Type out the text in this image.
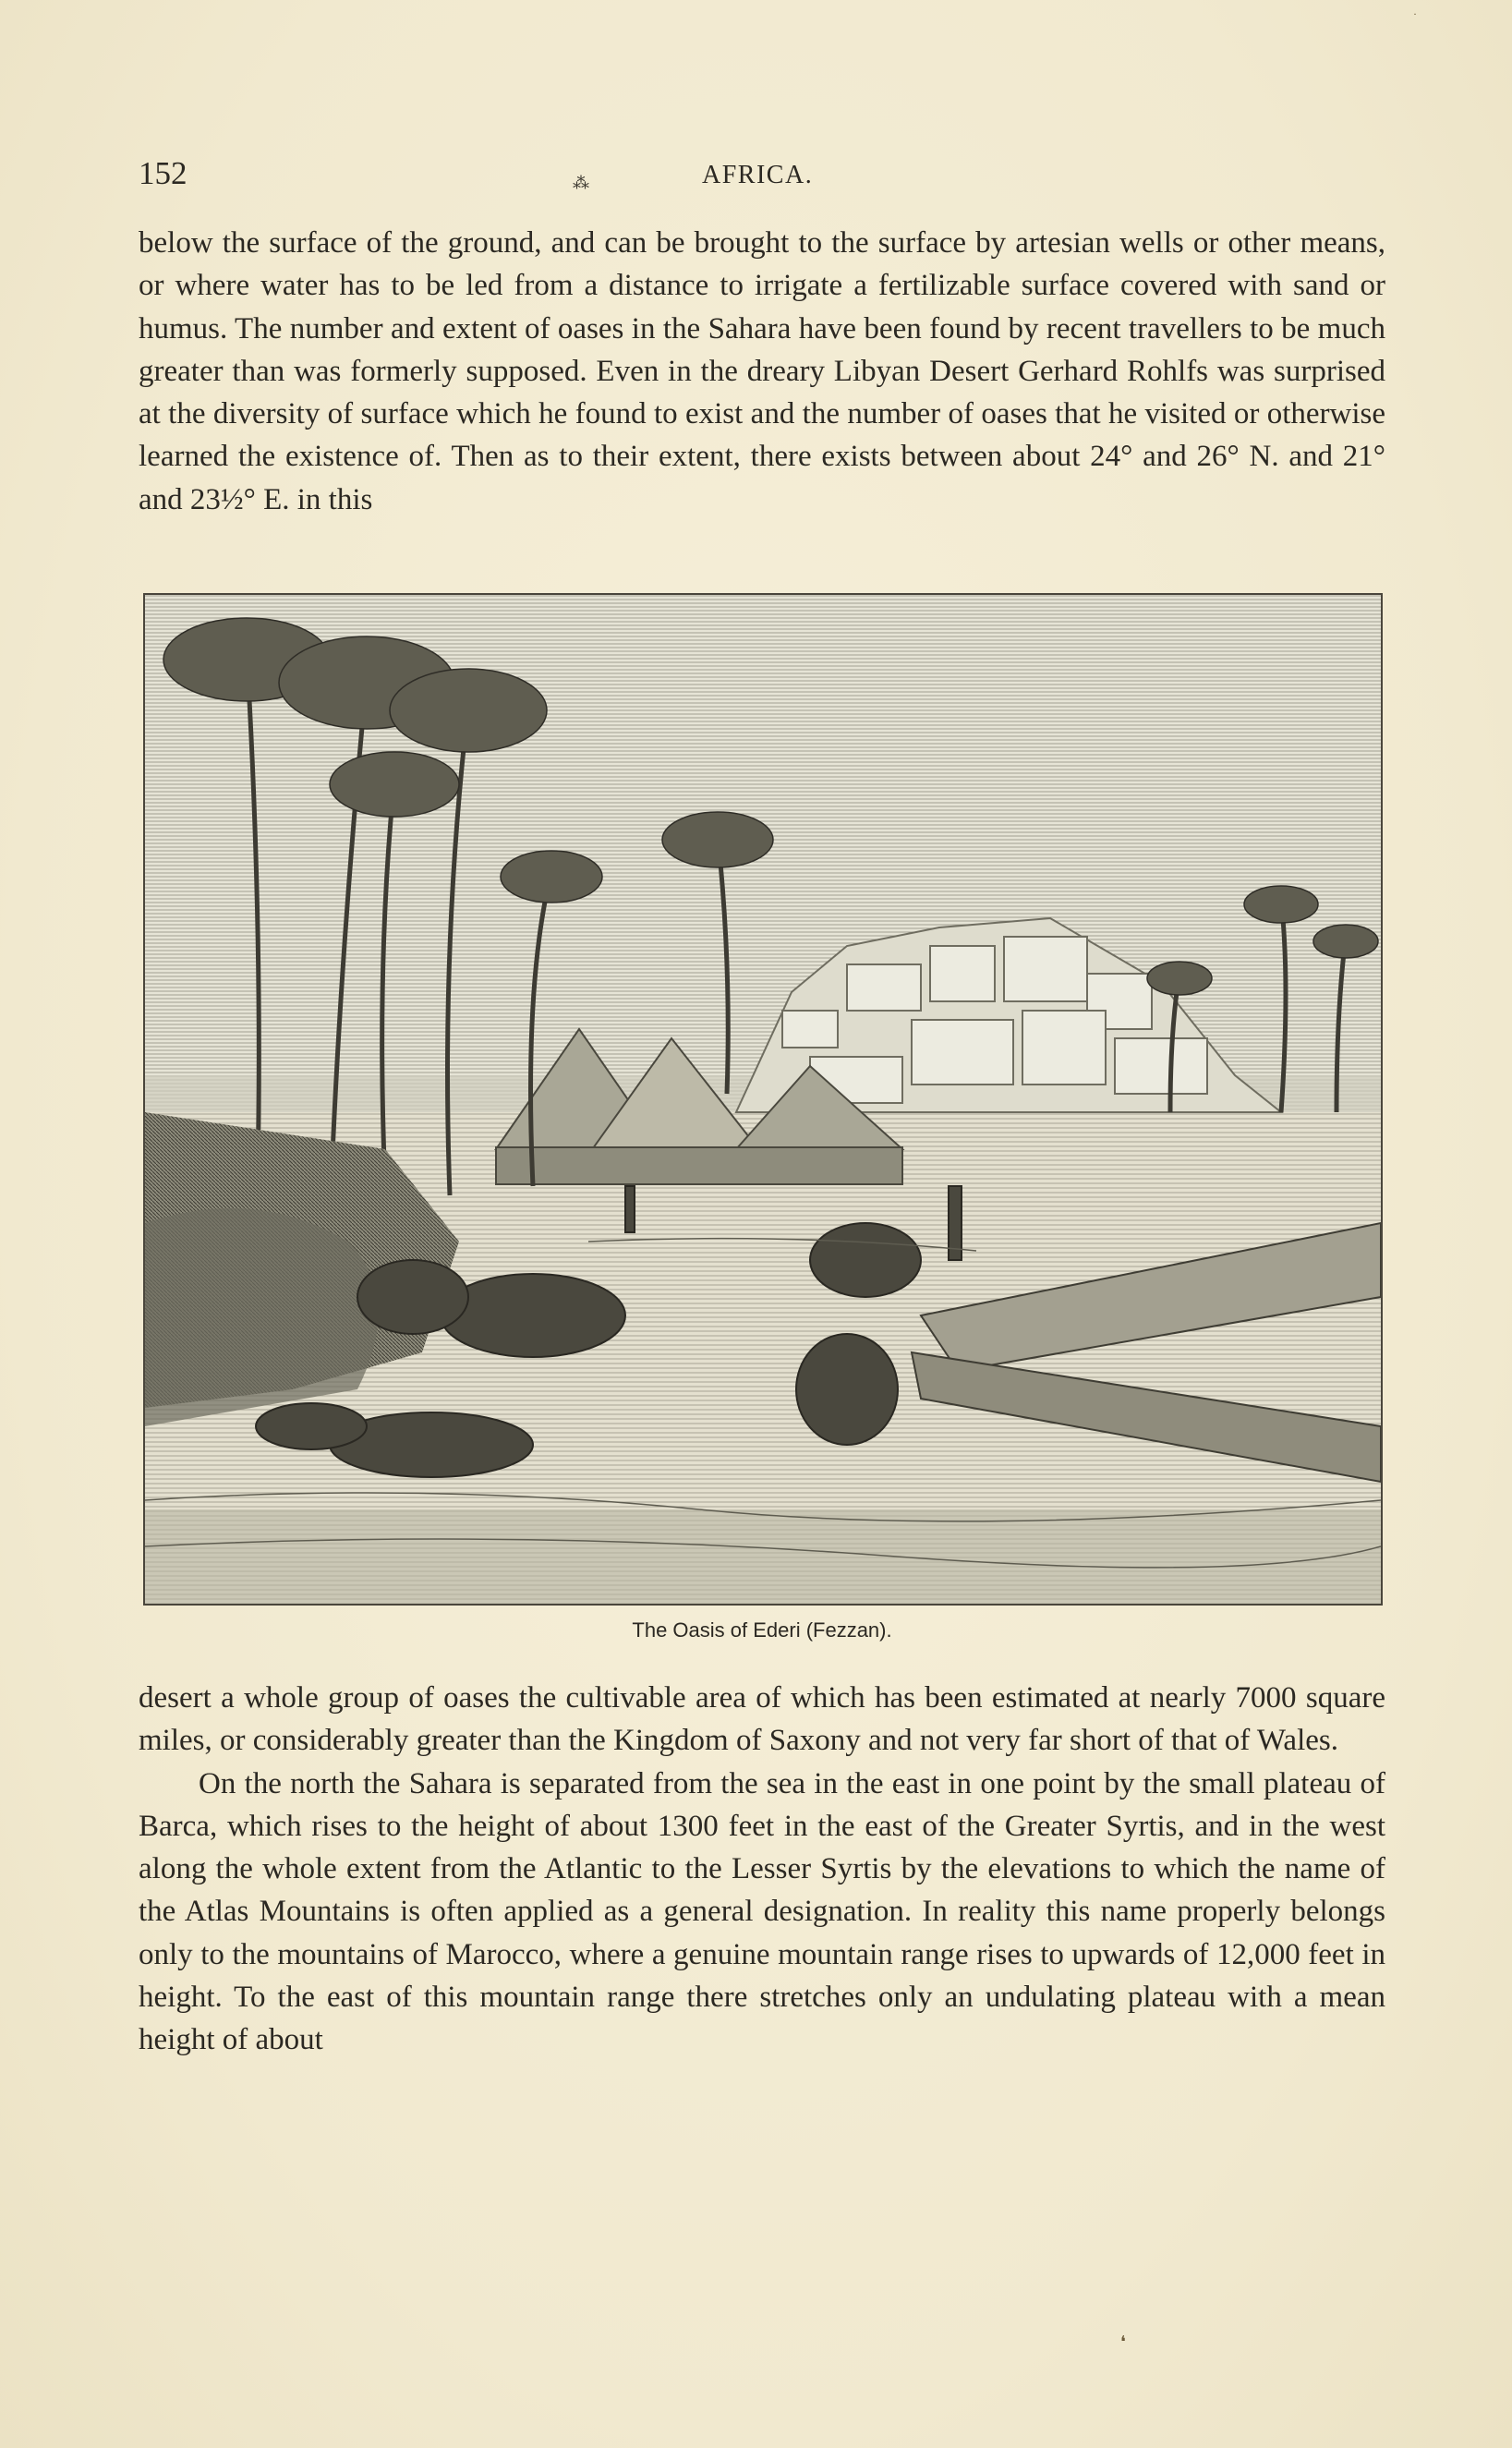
152	⁂	AFRICA.

below the surface of the ground, and can be brought to the surface by artesian wells or other means, or where water has to be led from a distance to irrigate a fertilizable surface covered with sand or humus. The number and extent of oases in the Sahara have been found by recent travellers to be much greater than was formerly supposed. Even in the dreary Libyan Desert Gerhard Rohlfs was surprised at the diversity of surface which he found to exist and the number of oases that he visited or otherwise learned the existence of. Then as to their extent, there exists between about 24° and 26° N. and 21° and 23½° E. in this

The Oasis of Ederi (Fezzan).

desert a whole group of oases the cultivable area of which has been estimated at nearly 7000 square miles, or considerably greater than the Kingdom of Saxony and not very far short of that of Wales.

On the north the Sahara is separated from the sea in the east in one point by the small plateau of Barca, which rises to the height of about 1300 feet in the east of the Greater Syrtis, and in the west along the whole extent from the Atlantic to the Lesser Syrtis by the elevations to which the name of the Atlas Mountains is often applied as a general designation. In reality this name properly belongs only to the mountains of Marocco, where a genuine mountain range rises to upwards of 12,000 feet in height. To the east of this mountain range there stretches only an undulating plateau with a mean height of about

❛
·
